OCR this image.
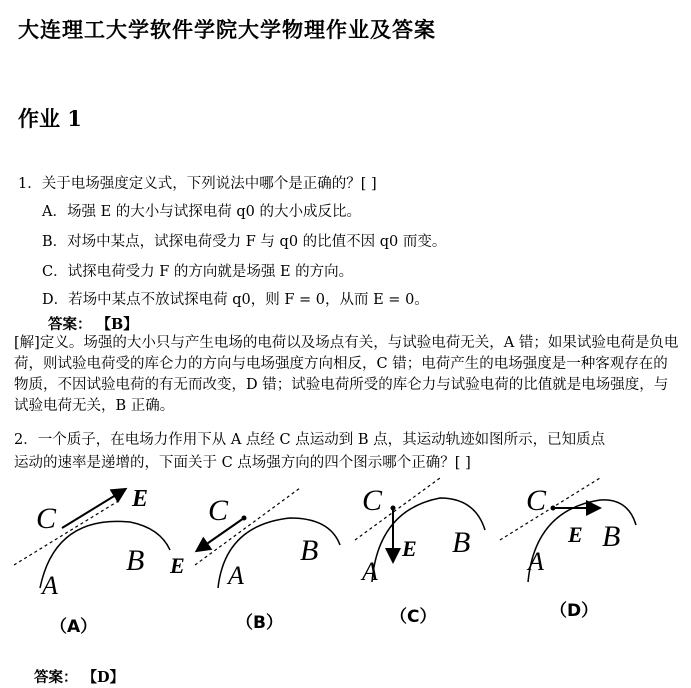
大连理工大学软件学院大学物理作业及答案
作业 1
1．关于电场强度定义式，下列说法中哪个是正确的？[ ]
A．场强 E 的大小与试探电荷 q0 的大小成反比。
B．对场中某点，试探电荷受力 F 与 q0 的比值不因 q0 而变。
C．试探电荷受力 F 的方向就是场强 E 的方向。
D．若场中某点不放试探电荷 q0，则 F = 0，从而 E = 0。
答案： 【B】
[解]定义。场强的大小只与产生电场的电荷以及场点有关，与试验电荷无关，A 错；如果试验电荷是负电荷，则试验电荷受的库仑力的方向与电场强度方向相反，C 错；电荷产生的电场强度是一种客观存在的物质，不因试验电荷的有无而改变，D 错；试验电荷所受的库仑力与试验电荷的比值就是电场强度，与试验电荷无关，B 正确。
2．一个质子，在电场力作用下从 A 点经 C 点运动到 B 点，其运动轨迹如图所示，已知质点
运动的速率是递增的，下面关于 C 点场强方向的四个图示哪个正确？[ ]
C
E
B
A
（A）
C
E	B
A
（B）
C
E B
A
（C）
C
E B
A
（D）
答案： 【D】
